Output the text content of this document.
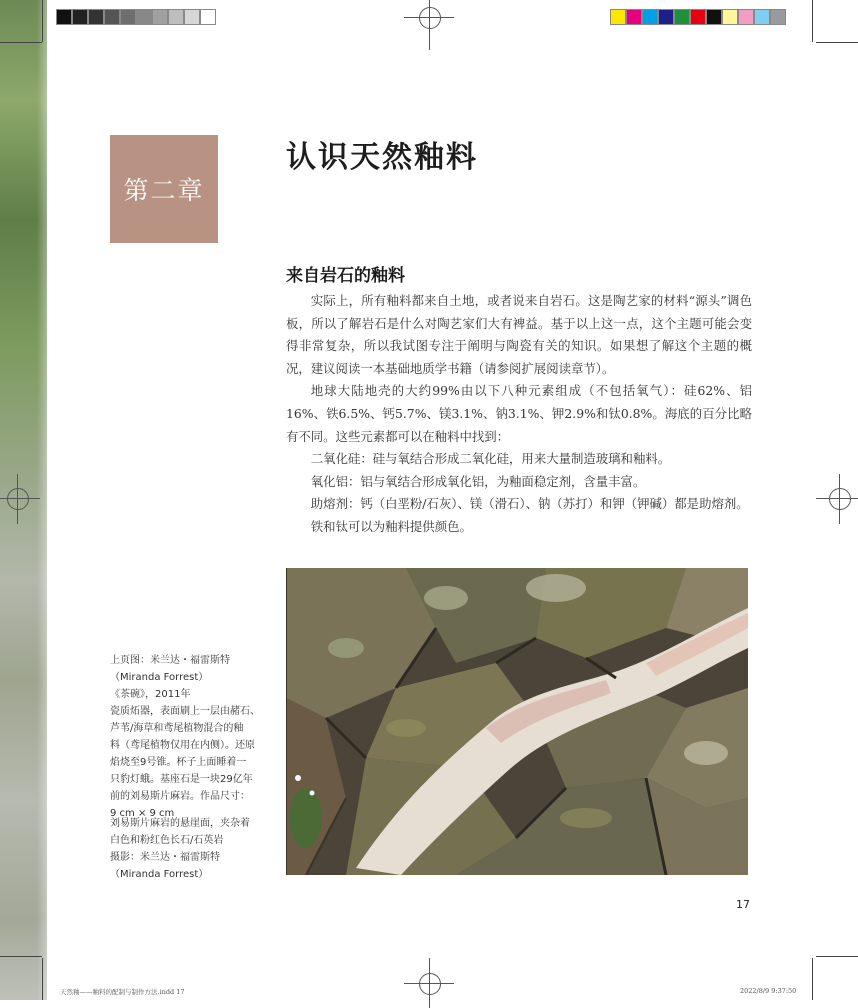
第二章
认识天然釉料
来自岩石的釉料

实际上，所有釉料都来自土地，或者说来自岩石。这是陶艺家的材料“源头”调色板，所以了解岩石是什么对陶艺家们大有裨益。基于以上这一点，这个主题可能会变得非常复杂，所以我试图专注于阐明与陶瓷有关的知识。如果想了解这个主题的概况，建议阅读一本基础地质学书籍（请参阅扩展阅读章节）。

地球大陆地壳的大约99%由以下八种元素组成（不包括氧气）：硅62%、铝16%、铁6.5%、钙5.7%、镁3.1%、钠3.1%、钾2.9%和钛0.8%。海底的百分比略有不同。这些元素都可以在釉料中找到：

二氧化硅：硅与氧结合形成二氧化硅，用来大量制造玻璃和釉料。

氧化铝：铝与氧结合形成氧化铝，为釉面稳定剂，含量丰富。

助熔剂：钙（白垩粉/石灰）、镁（滑石）、钠（苏打）和钾（钾碱）都是助熔剂。

铁和钛可以为釉料提供颜色。

上页图：米兰达・福雷斯特
（Miranda Forrest）
《茶碗》，2011年
瓷质炻器，表面刷上一层由赭石、
芦苇/海草和鸢尾植物混合的釉
料（鸢尾植物仅用在内侧）。还原
焰烧至9号锥。杯子上面睡着一
只豹灯蛾。基座石是一块29亿年
前的刘易斯片麻岩。作品尺寸：
9 cm × 9 cm
刘易斯片麻岩的悬崖面，夹杂着
白色和粉红色长石/石英岩
摄影：米兰达・福雷斯特
（Miranda Forrest）
17
天然釉——釉料的配制与制作方法.indd 17	2022/8/9 9:37:50
